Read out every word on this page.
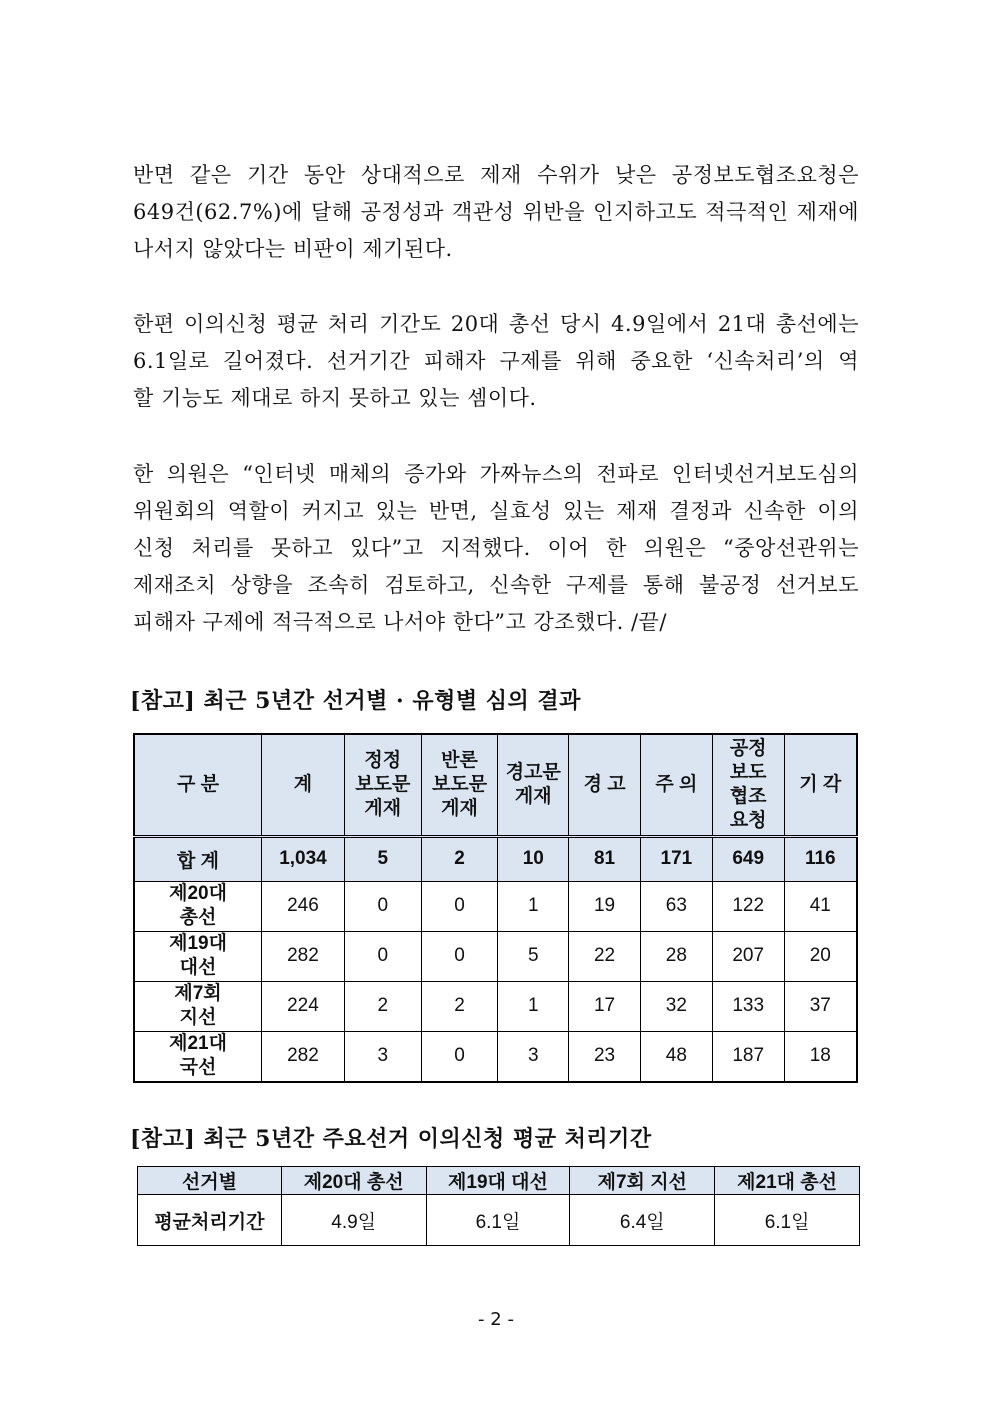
반면 같은 기간 동안 상대적으로 제재 수위가 낮은 공정보도협조요청은
649건(62.7%)에 달해 공정성과 객관성 위반을 인지하고도 적극적인 제재에
나서지 않았다는 비판이 제기된다.
한편 이의신청 평균 처리 기간도 20대 총선 당시 4.9일에서 21대 총선에는
6.1일로 길어졌다. 선거기간 피해자 구제를 위해 중요한 ‘신속처리’의 역
할 기능도 제대로 하지 못하고 있는 셈이다.
한 의원은 “인터넷 매체의 증가와 가짜뉴스의 전파로 인터넷선거보도심의
위원회의 역할이 커지고 있는 반면, 실효성 있는 제재 결정과 신속한 이의
신청 처리를 못하고 있다”고 지적했다. 이어 한 의원은 “중앙선관위는
제재조치 상향을 조속히 검토하고, 신속한 구제를 통해 불공정 선거보도
피해자 구제에 적극적으로 나서야 한다”고 강조했다. /끝/
[참고] 최근 5년간 선거별 · 유형별 심의 결과
구 분	계	정정
보도문
게재	반론
보도문
게재	경고문
게재	경 고	주 의	공정
보도
협조
요청	기 각
합 계	1,034	5	2	10	81	171	649	116
제20대
총선	246	0	0	1	19	63	122	41
제19대
대선	282	0	0	5	22	28	207	20
제7회
지선	224	2	2	1	17	32	133	37
제21대
국선	282	3	0	3	23	48	187	18
[참고] 최근 5년간 주요선거 이의신청 평균 처리기간
선거별	제20대 총선	제19대 대선	제7회 지선	제21대 총선
평균처리기간	4.9일	6.1일	6.4일	6.1일
- 2 -
